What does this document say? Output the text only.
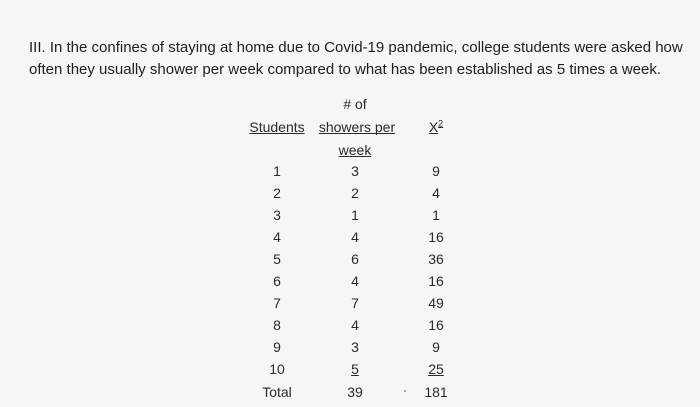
III. In the confines of staying at home due to Covid-19 pandemic, college students were asked how often they usually shower per week compared to what has been established as 5 times a week.
# of
Students	showers per	$X^2$
week
1	3	9
2	2	4
3	1	1
4	4	16
5	6	36
6	4	16
7	7	49
8	4	16
9	3	9
10	5	25
Total	39	181
